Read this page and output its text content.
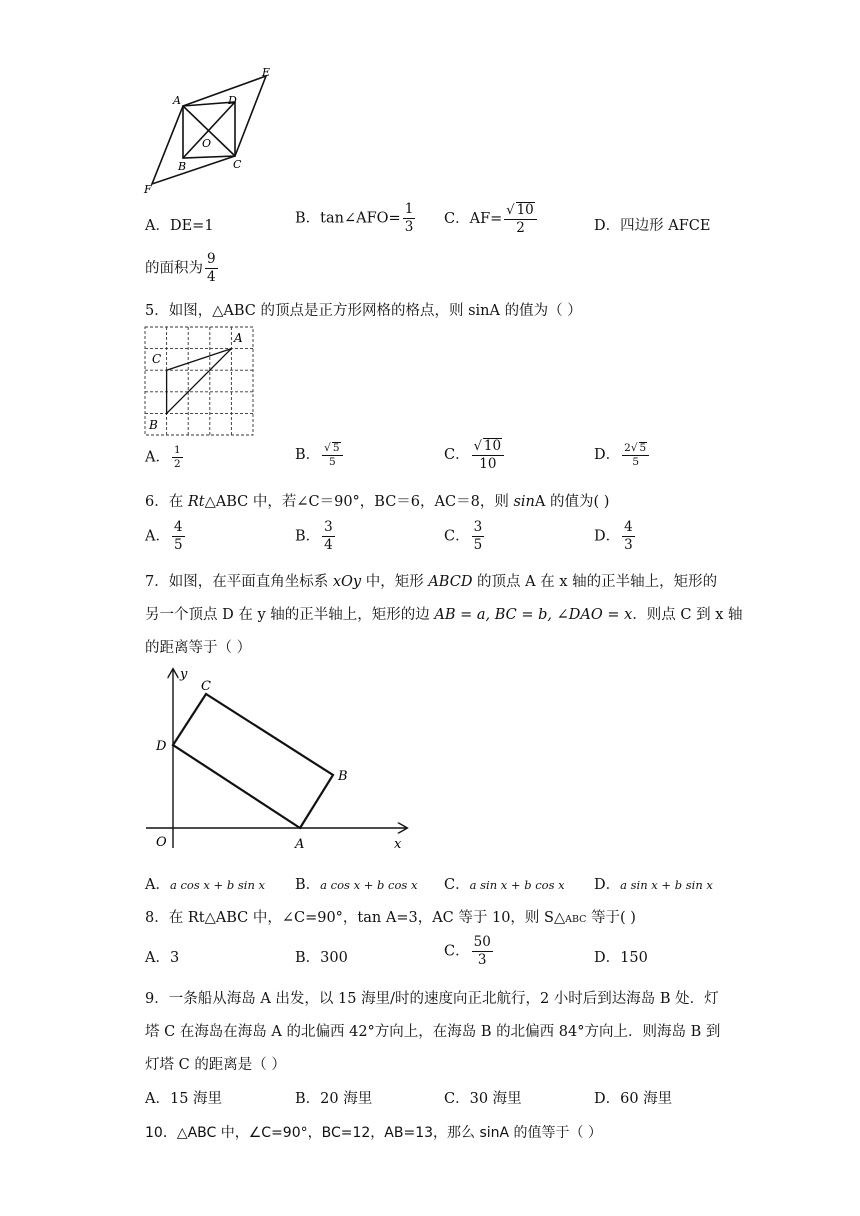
A	D
E
O
B	C
F
A．DE=1	B．tan∠AFO= $\frac{1}{3}$ C．$AF= \frac{√ 10}{2}$	D．四边形 AFCE
的面积为 $\frac{9}{4}$
5．如图，△ABC 的顶点是正方形网格的格点，则 sinA 的值为（ ）
A
C
B
A． $\frac{1}{2}$	B． $\frac{√ 5}{5}$	C． $\frac{√ 10}{10}$	D． $\frac{2√ 5}{5}$
6．在 Rt△ABC 中，若∠C＝90°，BC＝6，AC＝8，则 sinA 的值为( )
A． $\frac{4}{5}$	B． $\frac{3}{4}$	C． $\frac{3}{5}$	D． $\frac{4}{3}$
7．如图，在平面直角坐标系 xOy 中，矩形 ABCD 的顶点 A 在 x 轴的正半轴上，矩形的
另一个顶点 D 在 y 轴的正半轴上，矩形的边 AB = a, BC = b, ∠DAO = x．则点 C 到 x 轴
的距离等于（ ）
y
x
O	A
B
C
D
A．a cos x + b sin x B．a cos x + b cos x C．a sin x + b cos x D．a sin x + b sin x
8．在 Rt△ABC 中，∠C=90°，tan A=3，AC 等于 10，则 S△ABC 等于( )
A．3	B．300	C． $\frac{50}{3}$	D．150
9．一条船从海岛 A 出发，以 15 海里/时的速度向正北航行，2 小时后到达海岛 B 处．灯
塔 C 在海岛在海岛 A 的北偏西 42°方向上，在海岛 B 的北偏西 84°方向上．则海岛 B 到
灯塔 C 的距离是（ ）
A．15 海里	B．20 海里	C．30 海里	D．60 海里
10．△ABC 中，∠C=90°，BC=12，AB=13，那么 sinA 的值等于（ ）
